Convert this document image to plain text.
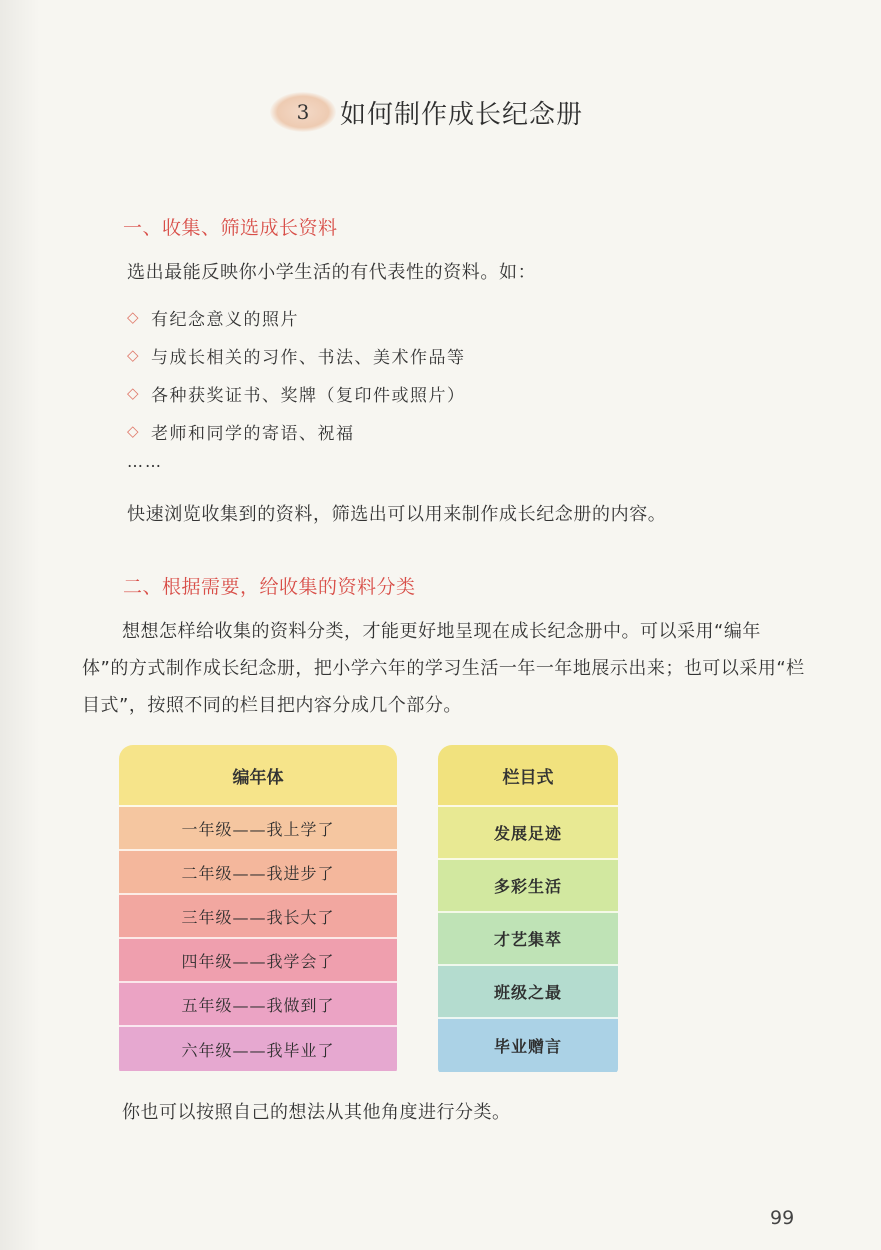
3	如何制作成长纪念册
一、收集、筛选成长资料
选出最能反映你小学生活的有代表性的资料。如：
◇ 有纪念意义的照片
◇ 与成长相关的习作、书法、美术作品等
◇ 各种获奖证书、奖牌（复印件或照片）
◇ 老师和同学的寄语、祝福
……
快速浏览收集到的资料，筛选出可以用来制作成长纪念册的内容。
二、根据需要，给收集的资料分类
想想怎样给收集的资料分类，才能更好地呈现在成长纪念册中。可以采用“编年体”的方式制作成长纪念册，把小学六年的学习生活一年一年地展示出来；也可以采用“栏目式”，按照不同的栏目把内容分成几个部分。
编年体
一年级——我上学了
二年级——我进步了
三年级——我长大了
四年级——我学会了
五年级——我做到了
六年级——我毕业了
栏目式
发展足迹
多彩生活
才艺集萃
班级之最
毕业赠言
你也可以按照自己的想法从其他角度进行分类。
99
